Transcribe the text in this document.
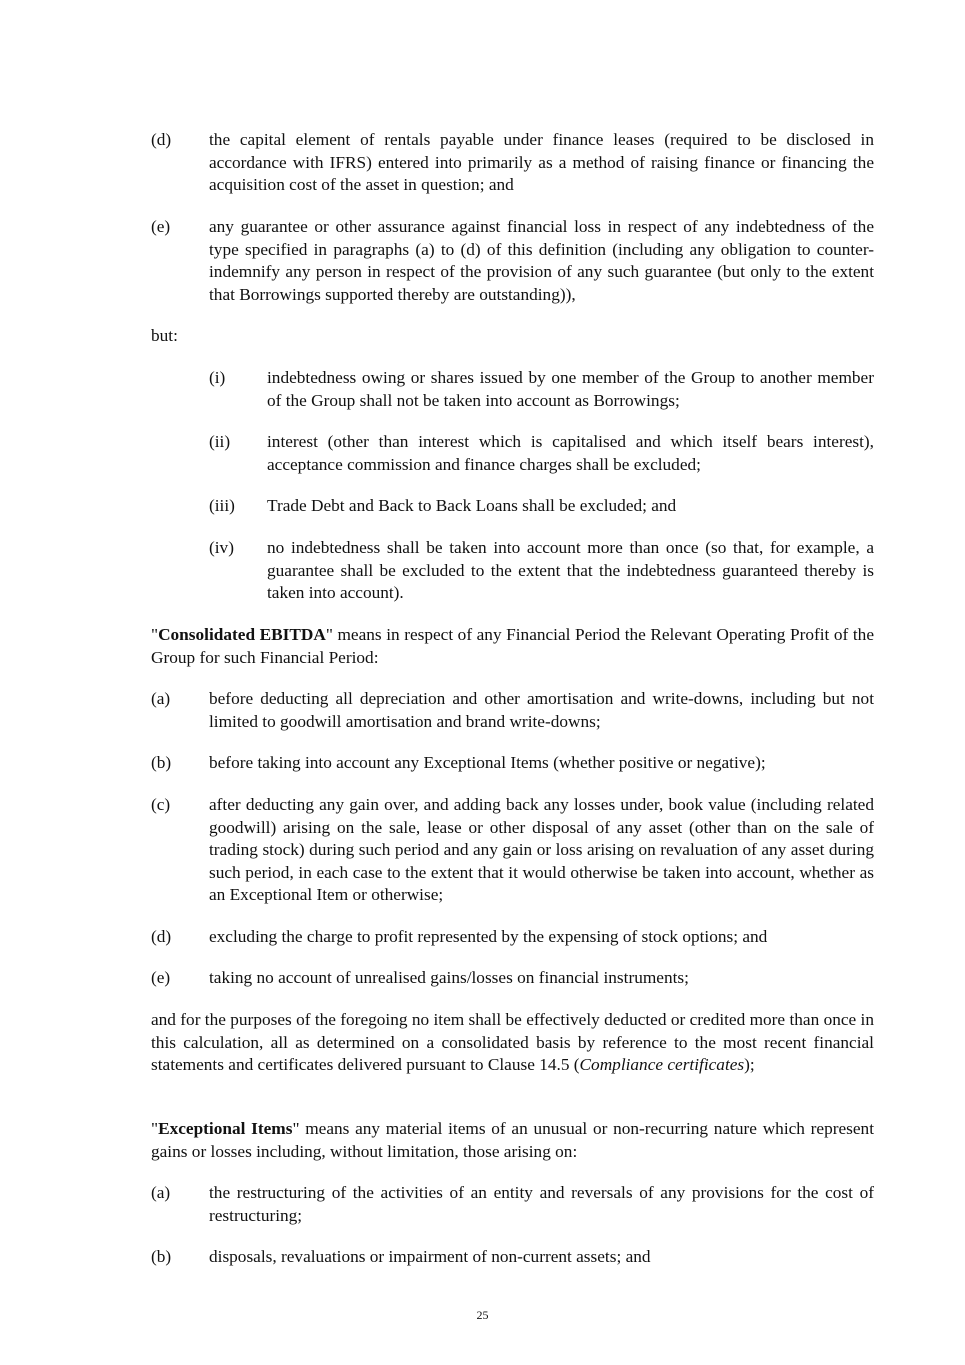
(d) the capital element of rentals payable under finance leases (required to be disclosed in accordance with IFRS) entered into primarily as a method of raising finance or financing the acquisition cost of the asset in question; and
(e) any guarantee or other assurance against financial loss in respect of any indebtedness of the type specified in paragraphs (a) to (d) of this definition (including any obligation to counter-indemnify any person in respect of the provision of any such guarantee (but only to the extent that Borrowings supported thereby are outstanding)),
but:
(i) indebtedness owing or shares issued by one member of the Group to another member of the Group shall not be taken into account as Borrowings;
(ii) interest (other than interest which is capitalised and which itself bears interest), acceptance commission and finance charges shall be excluded;
(iii) Trade Debt and Back to Back Loans shall be excluded; and
(iv) no indebtedness shall be taken into account more than once (so that, for example, a guarantee shall be excluded to the extent that the indebtedness guaranteed thereby is taken into account).
"Consolidated EBITDA" means in respect of any Financial Period the Relevant Operating Profit of the Group for such Financial Period:
(a) before deducting all depreciation and other amortisation and write-downs, including but not limited to goodwill amortisation and brand write-downs;
(b) before taking into account any Exceptional Items (whether positive or negative);
(c) after deducting any gain over, and adding back any losses under, book value (including related goodwill) arising on the sale, lease or other disposal of any asset (other than on the sale of trading stock) during such period and any gain or loss arising on revaluation of any asset during such period, in each case to the extent that it would otherwise be taken into account, whether as an Exceptional Item or otherwise;
(d) excluding the charge to profit represented by the expensing of stock options; and
(e) taking no account of unrealised gains/losses on financial instruments;
and for the purposes of the foregoing no item shall be effectively deducted or credited more than once in this calculation, all as determined on a consolidated basis by reference to the most recent financial statements and certificates delivered pursuant to Clause 14.5 (Compliance certificates);
"Exceptional Items" means any material items of an unusual or non-recurring nature which represent gains or losses including, without limitation, those arising on:
(a) the restructuring of the activities of an entity and reversals of any provisions for the cost of restructuring;
(b) disposals, revaluations or impairment of non-current assets; and
25
